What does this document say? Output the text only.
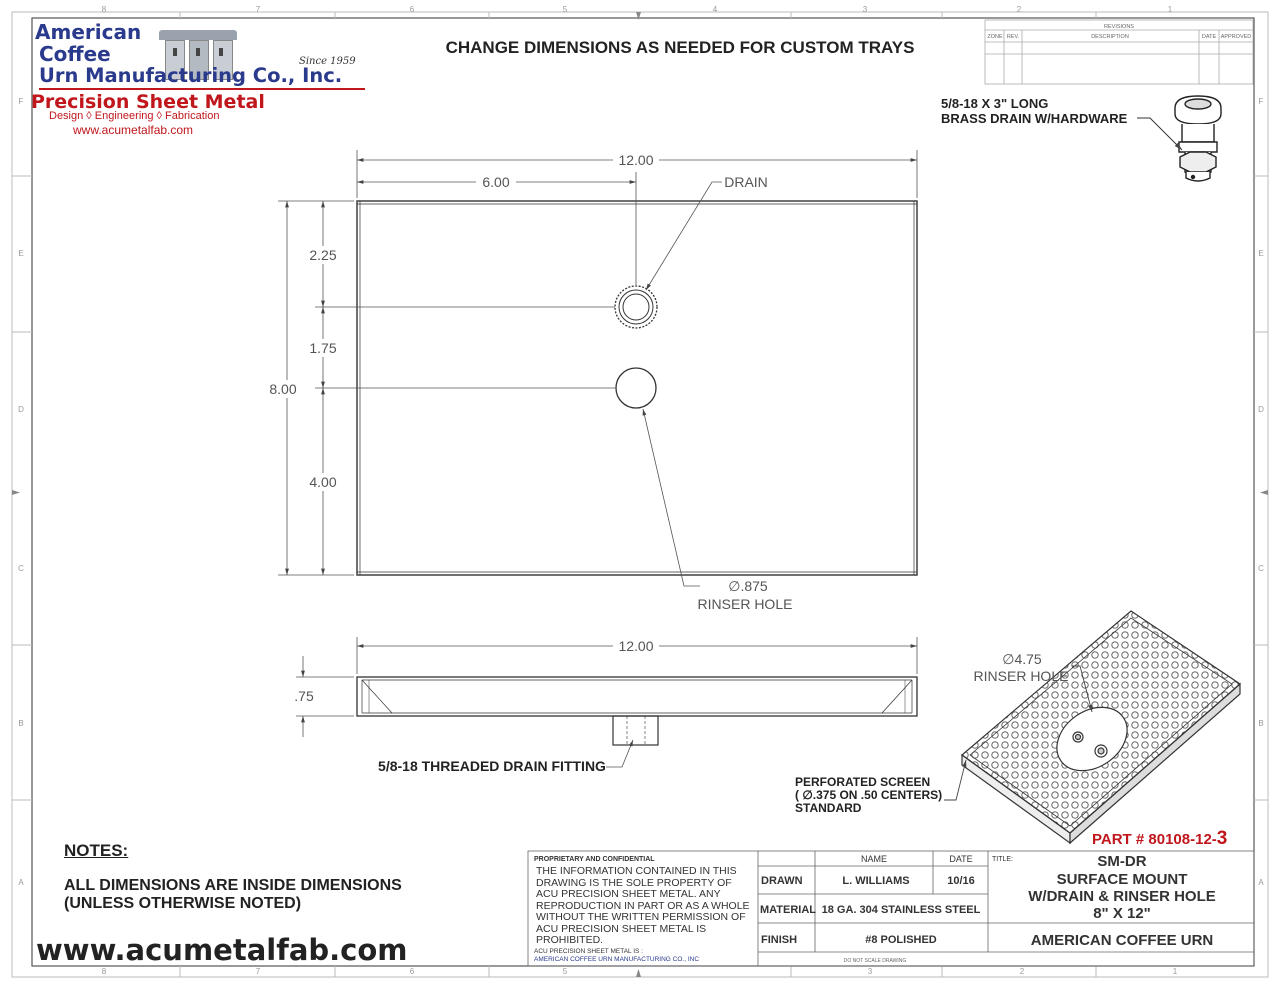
8	7	6	5	4	3	2	1
8	7	6	5	3	2	1
F
E
D
C
B
A
F
E
D
C
B
A
REVISIONS
ZONE REV.	DESCRIPTION	DATE APPROVED
CHANGE DIMENSIONS AS NEEDED FOR CUSTOM TRAYS
12.00
6.00	DRAIN
8.00
2.25
1.75
4.00
∅.875
RINSER HOLE
12.00
.75
5/8-18 THREADED DRAIN FITTING
5/8-18 X 3" LONG
BRASS DRAIN W/HARDWARE
∅4.75
RINSER HOLE
PERFORATED SCREEN
( ∅.375 ON .50 CENTERS)
STANDARD
PART # 80108-12-3
PROPRIETARY AND CONFIDENTIAL	NAME	DATE
DRAWN	L. WILLIAMS	10/16
MATERIAL 18 GA. 304 STAINLESS STEEL
FINISH	#8 POLISHED
TITLE:	SM-DR
SURFACE MOUNT
W/DRAIN & RINSER HOLE
8" X 12"
AMERICAN COFFEE URN
DO NOT SCALE DRAWING
American
Coffee
Urn Manufacturing Co., Inc.
Since 1959
Precision Sheet Metal
Design ◊ Engineering ◊ Fabrication
www.acumetalfab.com
NOTES:
ALL DIMENSIONS ARE INSIDE DIMENSIONS
(UNLESS OTHERWISE NOTED)
www.acumetalfab.com
THE INFORMATION CONTAINED IN THIS DRAWING IS THE SOLE PROPERTY OF ACU PRECISION SHEET METAL. ANY REPRODUCTION IN PART OR AS A WHOLE WITHOUT THE WRITTEN PERMISSION OF ACU PRECISION SHEET METAL IS PROHIBITED.
ACU PRECISION SHEET METAL IS :
AMERICAN COFFEE URN MANUFACTURING CO., INC
